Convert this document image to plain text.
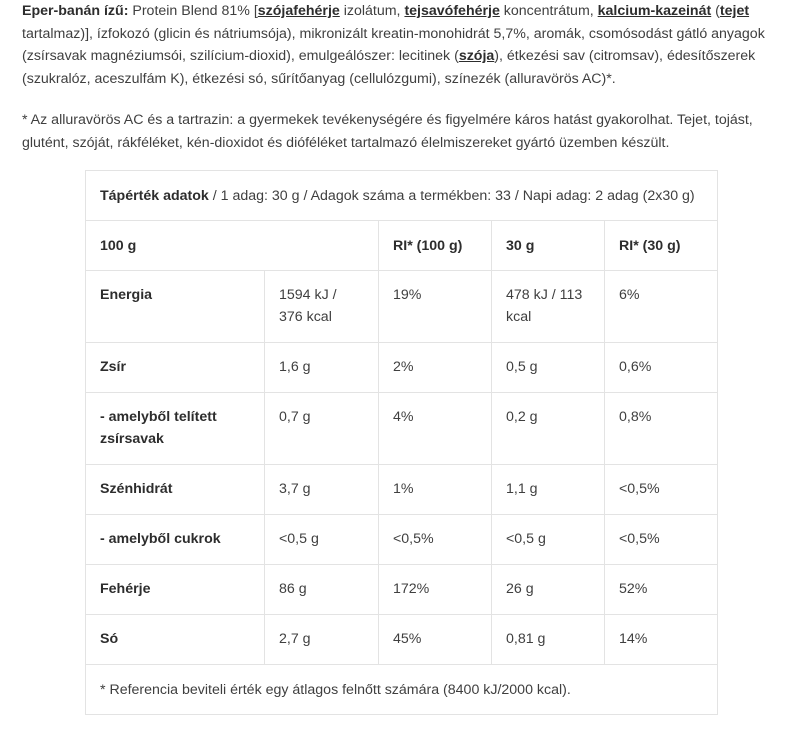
Eper-banán ízű: Protein Blend 81% [szójafehérje izolátum, tejsavófehérje koncentrátum, kalcium-kazeinát (tejet tartalmaz)], ízfokozó (glicin és nátriumsója), mikronizált kreatin-monohidrát 5,7%, aromák, csomósodást gátló anyagok (zsírsavak magnéziumsói, szilícium-dioxid), emulgeálószer: lecitinek (szója), étkezési sav (citromsav), édesítőszerek (szukralóz, aceszulfám K), étkezési só, sűrítőanyag (cellulózgumi), színezék (alluravörös AC)*.
* Az alluravörös AC és a tartrazin: a gyermekek tevékenységére és figyelmére káros hatást gyakorolhat. Tejet, tojást, glutént, szóját, rákféléket, kén-dioxidot és dióféléket tartalmazó élelmiszereket gyártó üzemben készült.
Tápérték adatok / 1 adag: 30 g / Adagok száma a termékben: 33 / Napi adag: 2 adag (2x30 g)				
100 g		RI* (100 g)	30 g	RI* (30 g)
Energia	1594 kJ / 376 kcal	19%	478 kJ / 113 kcal	6%
Zsír	1,6 g	2%	0,5 g	0,6%
- amelyből telített zsírsavak	0,7 g	4%	0,2 g	0,8%
Szénhidrát	3,7 g	1%	1,1 g	<0,5%
- amelyből cukrok	<0,5 g	<0,5%	<0,5 g	<0,5%
Fehérje	86 g	172%	26 g	52%
Só	2,7 g	45%	0,81 g	14%
* Referencia beviteli érték egy átlagos felnőtt számára (8400 kJ/2000 kcal).				
